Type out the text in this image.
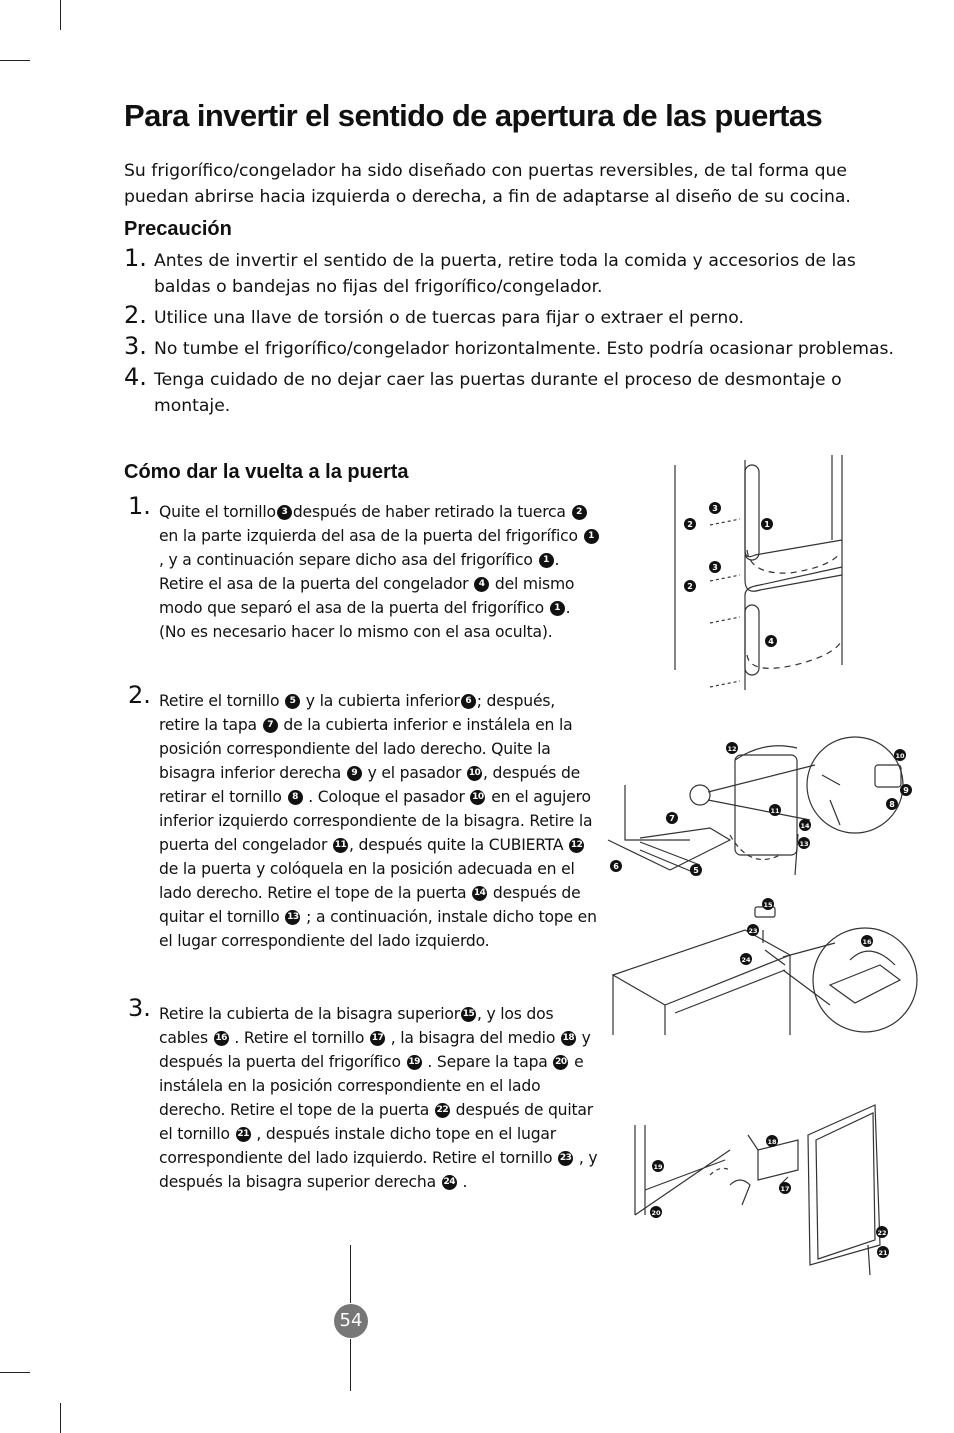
Para invertir el sentido de apertura de las puertas

Su frigorífico/congelador ha sido diseñado con puertas reversibles, de tal forma que puedan abrirse hacia izquierda o derecha, a fin de adaptarse al diseño de su cocina.

Precaución
1. Antes de invertir el sentido de la puerta, retire toda la comida y accesorios de las baldas o bandejas no fijas del frigorífico/congelador.
2. Utilice una llave de torsión o de tuercas para fijar o extraer el perno.
3. No tumbe el frigorífico/congelador horizontalmente. Esto podría ocasionar problemas.
4. Tenga cuidado de no dejar caer las puertas durante el proceso de desmontaje o montaje.
Cómo dar la vuelta a la puerta
1. Quite el tornillo 3 después de haber retirado la tuerca 2 en la parte izquierda del asa de la puerta del frigorífico 1, y a continuación separe dicho asa del frigorífico 1 . Retire el asa de la puerta del congelador 4 del mismo modo que separó el asa de la puerta del frigorífico 1 . (No es necesario hacer lo mismo con el asa oculta).
2. Retire el tornillo 5 y la cubierta inferior 6 ; después, retire la tapa 7 de la cubierta inferior e instálela en la posición correspondiente del lado derecho. Quite la bisagra inferior derecha 9 y el pasador 10 , después de retirar el tornillo 8 . Coloque el pasador 10 en el agujero inferior izquierdo correspondiente de la bisagra. Retire la puerta del congelador 11 , después quite la CUBIERTA 12 de la puerta y colóquela en la posición adecuada en el lado derecho. Retire el tope de la puerta 14 después de quitar el tornillo 13 ; a continuación, instale dicho tope en el lugar correspondiente del lado izquierdo.
3. Retire la cubierta de la bisagra superior 15 , y los dos cables 16 . Retire el tornillo 17 , la bisagra del medio 18 y después la puerta del frigorífico 19 . Separe la tapa 20 e instálela en la posición correspondiente en el lado derecho. Retire el tope de la puerta 22 después de quitar el tornillo 21 , después instale dicho tope en el lugar correspondiente del lado izquierdo. Retire el tornillo 23 , y después la bisagra superior derecha 24 .
1
2
3
2
3
4
12
11
7
6	5
14
13
10
8
9
15
23
24
16
18
19
20
17
22
21
54
